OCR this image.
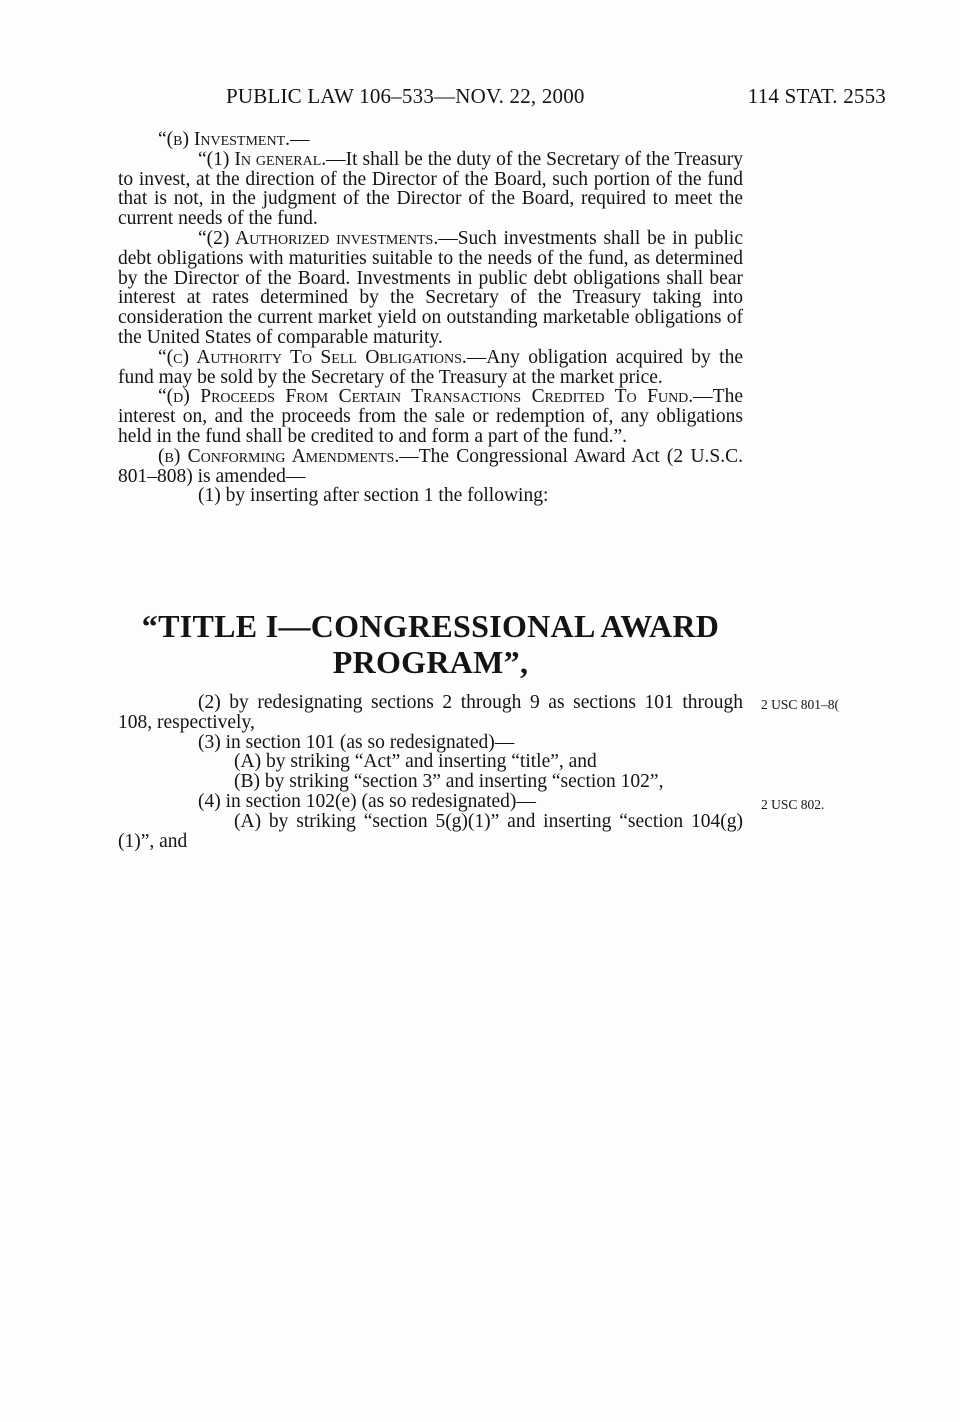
PUBLIC LAW 106–533—NOV. 22, 2000	114 STAT. 2553

“(b) Investment.—

“(1) In general.—It shall be the duty of the Secretary of the Treasury to invest, at the direction of the Director of the Board, such portion of the fund that is not, in the judgment of the Director of the Board, required to meet the current needs of the fund.

“(2) Authorized investments.—Such investments shall be in public debt obligations with maturities suitable to the needs of the fund, as determined by the Director of the Board. Investments in public debt obligations shall bear interest at rates determined by the Secretary of the Treasury taking into consideration the current market yield on outstanding marketable obligations of the United States of comparable maturity.

“(c) Authority To Sell Obligations.—Any obligation acquired by the fund may be sold by the Secretary of the Treasury at the market price.

“(d) Proceeds From Certain Transactions Credited To Fund.—The interest on, and the proceeds from the sale or redemption of, any obligations held in the fund shall be credited to and form a part of the fund.”.

(b) Conforming Amendments.—The Congressional Award Act (2 U.S.C. 801–808) is amended—

(1) by inserting after section 1 the following:

“TITLE I—CONGRESSIONAL AWARD
PROGRAM”,

(2) by redesignating sections 2 through 9 as sections 101 through 108, respectively,

(3) in section 101 (as so redesignated)—

(A) by striking “Act” and inserting “title”, and

(B) by striking “section 3” and inserting “section 102”,

(4) in section 102(e) (as so redesignated)—

(A) by striking “section 5(g)(1)” and inserting “section 104(g)(1)”, and

2 USC 801–8(
2 USC 802.
